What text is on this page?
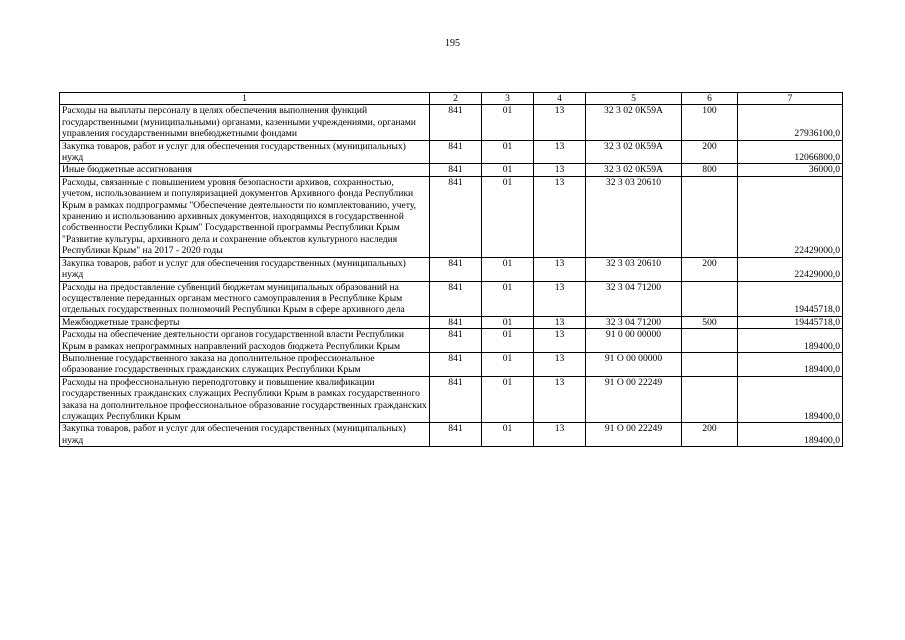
195
1	2	3	4	5	6	7
Расходы на выплаты персоналу в целях обеспечения выполнения функций государственными (муниципальными) органами, казенными учреждениями, органами управления государственными внебюджетными фондами	841	01	13	32 3 02 0К59А	100	27936100,0
Закупка товаров, работ и услуг для обеспечения государственных (муниципальных) нужд	841	01	13	32 3 02 0К59А	200	12066800,0
Иные бюджетные ассигнования	841	01	13	32 3 02 0К59А	800	36000,0
Расходы, связанные с повышением уровня безопасности архивов, сохранностью, учетом, использованием и популяризацией документов Архивного фонда Республики Крым в рамках подпрограммы "Обеспечение деятельности по комплектованию, учету, хранению и использованию архивных документов, находящихся в государственной собственности Республики Крым" Государственной программы Республики Крым "Развитие культуры, архивного дела и сохранение объектов культурного наследия Республики Крым" на 2017 - 2020 годы	841	01	13	32 3 03 20610		22429000,0
Закупка товаров, работ и услуг для обеспечения государственных (муниципальных) нужд	841	01	13	32 3 03 20610	200	22429000,0
Расходы на предоставление субвенций бюджетам муниципальных образований на осуществление переданных органам местного самоуправления в Республике Крым отдельных государственных полномочий Республики Крым в сфере архивного дела	841	01	13	32 3 04 71200		19445718,0
Межбюджетные трансферты	841	01	13	32 3 04 71200	500	19445718,0
Расходы на обеспечение деятельности органов государственной власти Республики Крым в рамках непрограммных направлений расходов бюджета Республики Крым	841	01	13	91 0 00 00000		189400,0
Выполнение государственного заказа на дополнительное профессиональное образование государственных гражданских служащих Республики Крым	841	01	13	91 О 00 00000		189400,0
Расходы на профессиональную переподготовку и повышение квалификации государственных гражданских служащих Республики Крым в рамках государственного заказа на дополнительное профессиональное образование государственных гражданских служащих Республики Крым	841	01	13	91 О 00 22249		189400,0
Закупка товаров, работ и услуг для обеспечения государственных (муниципальных) нужд	841	01	13	91 О 00 22249	200	189400,0
